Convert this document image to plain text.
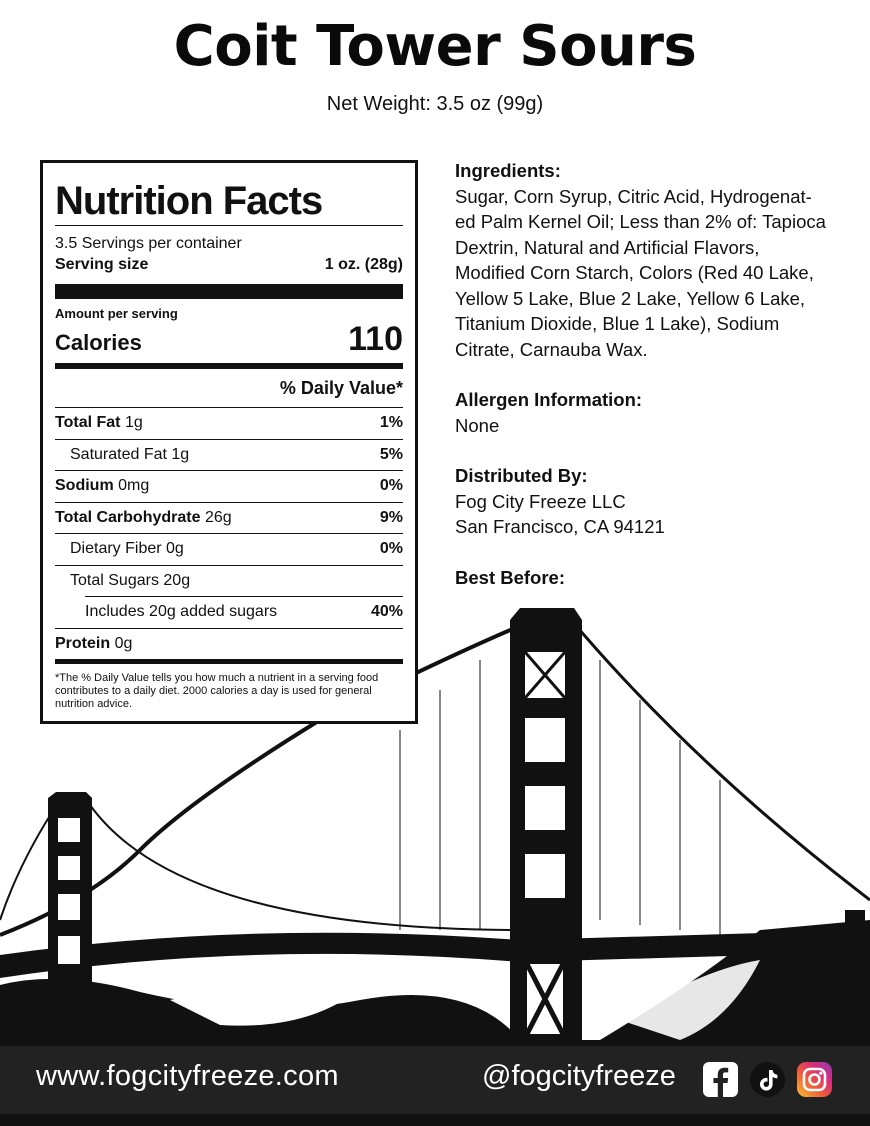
Coit Tower Sours
Net Weight: 3.5 oz (99g)
Nutrition Facts
3.5 Servings per container
Serving size	1 oz. (28g)
Amount per serving
Calories	110
% Daily Value*
Total Fat 1g	1%
Saturated Fat 1g	5%
Sodium 0mg	0%
Total Carbohydrate 26g	9%
Dietary Fiber 0g	0%
Total Sugars 20g
Includes 20g added sugars	40%
Protein 0g
*The % Daily Value tells you how much a nutrient in a serving food contributes to a daily diet. 2000 calories a day is used for general nutrition advice.
Ingredients:
Sugar, Corn Syrup, Citric Acid, Hydrogenat-
ed Palm Kernel Oil; Less than 2% of: Tapioca
Dextrin, Natural and Artificial Flavors,
Modified Corn Starch, Colors (Red 40 Lake,
Yellow 5 Lake, Blue 2 Lake, Yellow 6 Lake,
Titanium Dioxide, Blue 1 Lake), Sodium
Citrate, Carnauba Wax.
Allergen Information:
None
Distributed By:
Fog City Freeze LLC
San Francisco, CA 94121
Best Before:
www.fogcityfreeze.com	@fogcityfreeze
